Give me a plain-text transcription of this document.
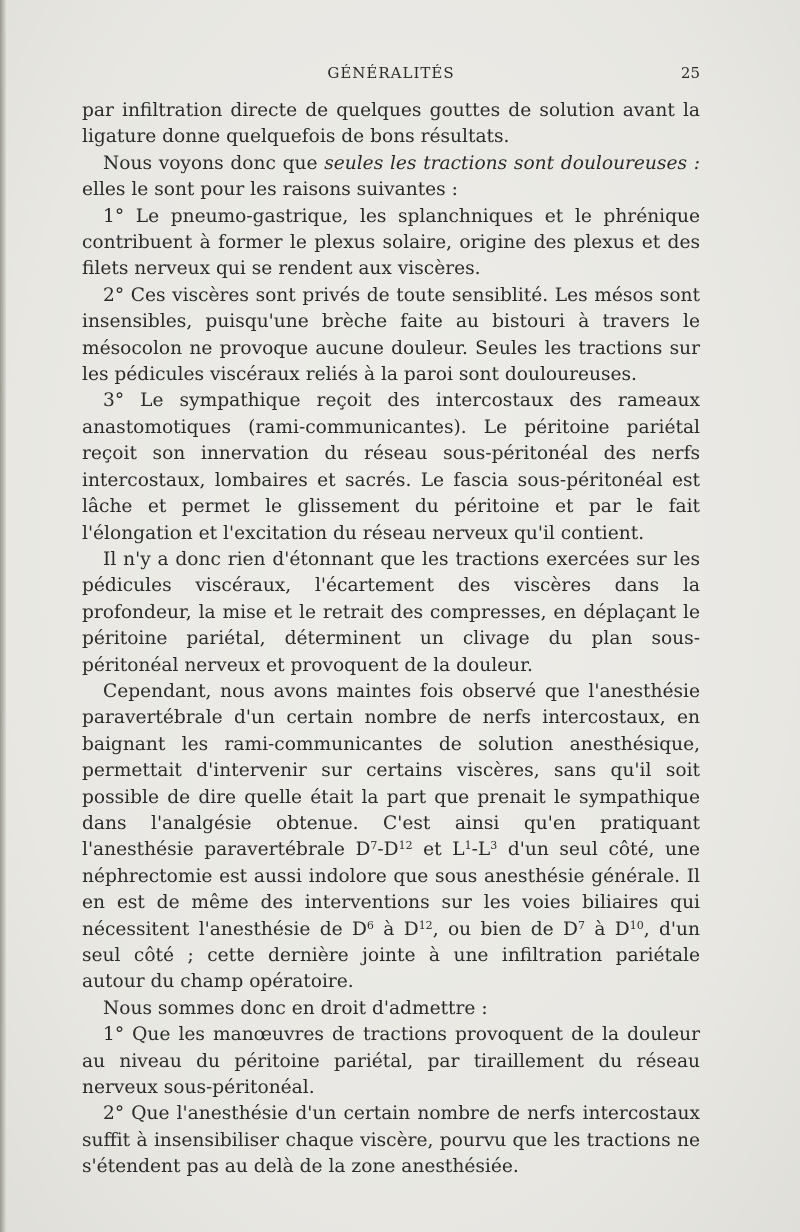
GÉNÉRALITÉS	25

par infiltration directe de quelques gouttes de solution avant la ligature donne quelquefois de bons résultats.

Nous voyons donc que seules les tractions sont douloureuses : elles le sont pour les raisons suivantes :

1° Le pneumo-gastrique, les splanchniques et le phrénique contribuent à former le plexus solaire, origine des plexus et des filets nerveux qui se rendent aux viscères.

2° Ces viscères sont privés de toute sensiblité. Les mésos sont insensibles, puisqu'une brèche faite au bistouri à travers le mésocolon ne provoque aucune douleur. Seules les tractions sur les pédicules viscéraux reliés à la paroi sont douloureuses.

3° Le sympathique reçoit des intercostaux des rameaux anastomotiques (rami-communicantes). Le péritoine pariétal reçoit son innervation du réseau sous-péritonéal des nerfs intercostaux, lombaires et sacrés. Le fascia sous-péritonéal est lâche et permet le glissement du péritoine et par le fait l'élongation et l'excitation du réseau nerveux qu'il contient.

Il n'y a donc rien d'étonnant que les tractions exercées sur les pédicules viscéraux, l'écartement des viscères dans la profondeur, la mise et le retrait des compresses, en déplaçant le péritoine pariétal, déterminent un clivage du plan sous-péritonéal nerveux et provoquent de la douleur.

Cependant, nous avons maintes fois observé que l'anesthésie paravertébrale d'un certain nombre de nerfs intercostaux, en baignant les rami-communicantes de solution anesthésique, permettait d'intervenir sur certains viscères, sans qu'il soit possible de dire quelle était la part que prenait le sympathique dans l'analgésie obtenue. C'est ainsi qu'en pratiquant l'anesthésie paravertébrale $D^7-D^{12}$ et $L^1-L^3$ d'un seul côté, une néphrectomie est aussi indolore que sous anesthésie générale. Il en est de même des interventions sur les voies biliaires qui nécessitent l'anesthésie de $D^6$ à $D^{12}$, ou bien de $D^7$ à $D^{10}$, d'un seul côté ; cette dernière jointe à une infiltration pariétale autour du champ opératoire.

Nous sommes donc en droit d'admettre :

1° Que les manœuvres de tractions provoquent de la douleur au niveau du péritoine pariétal, par tiraillement du réseau nerveux sous-péritonéal.

2° Que l'anesthésie d'un certain nombre de nerfs intercostaux suffit à insensibiliser chaque viscère, pourvu que les tractions ne s'étendent pas au delà de la zone anesthésiée.
